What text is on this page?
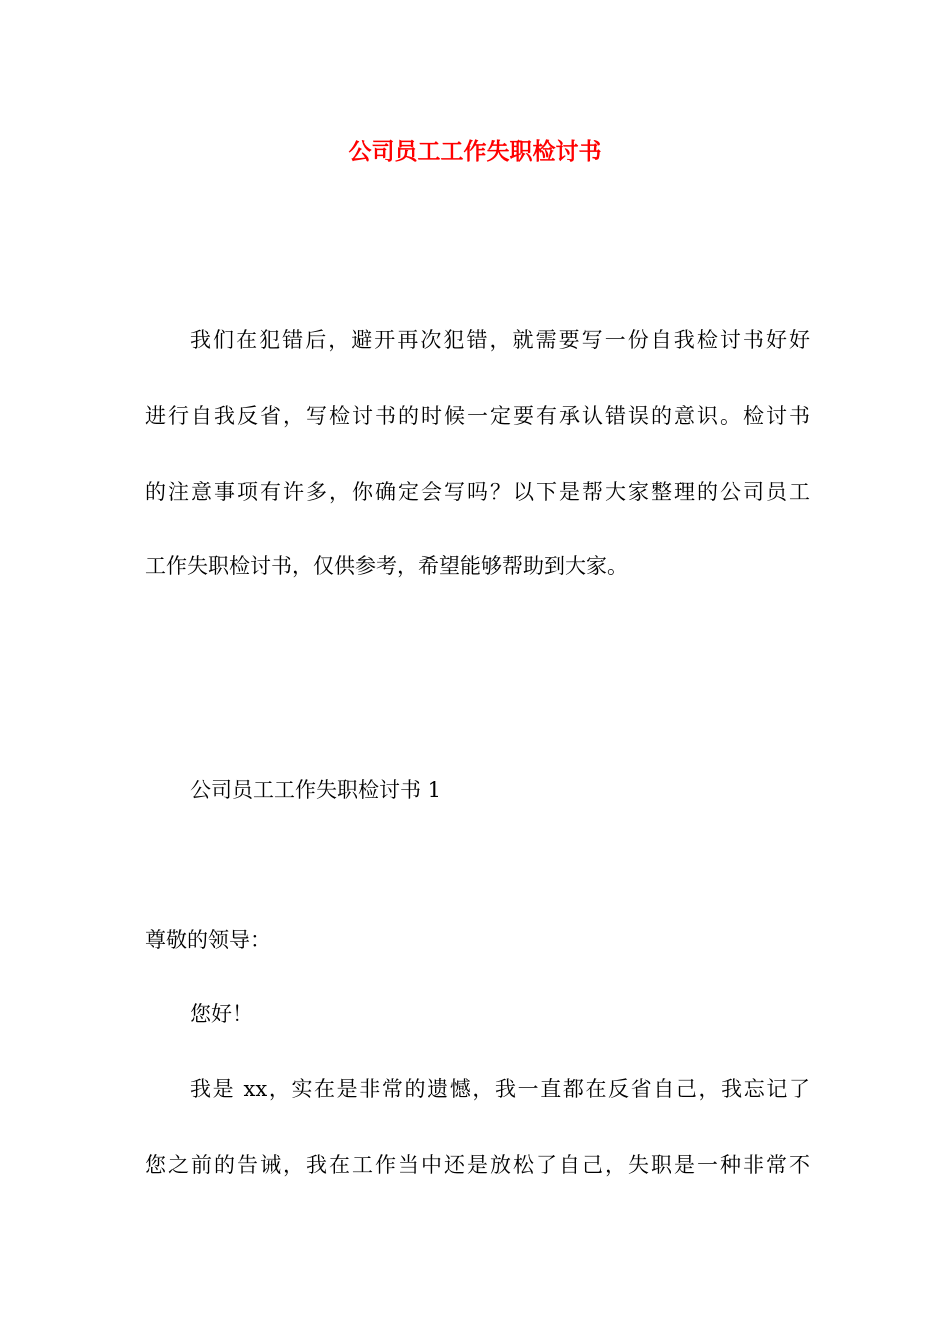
公司员工工作失职检讨书
我们在犯错后，避开再次犯错，就需要写一份自我检讨书好好
进行自我反省，写检讨书的时候一定要有承认错误的意识。检讨书
的注意事项有许多，你确定会写吗？以下是帮大家整理的公司员工
工作失职检讨书，仅供参考，希望能够帮助到大家。
公司员工工作失职检讨书 1
尊敬的领导：
您好！
我是 xx，实在是非常的遗憾，我一直都在反省自己，我忘记了
您之前的告诫，我在工作当中还是放松了自己，失职是一种非常不
